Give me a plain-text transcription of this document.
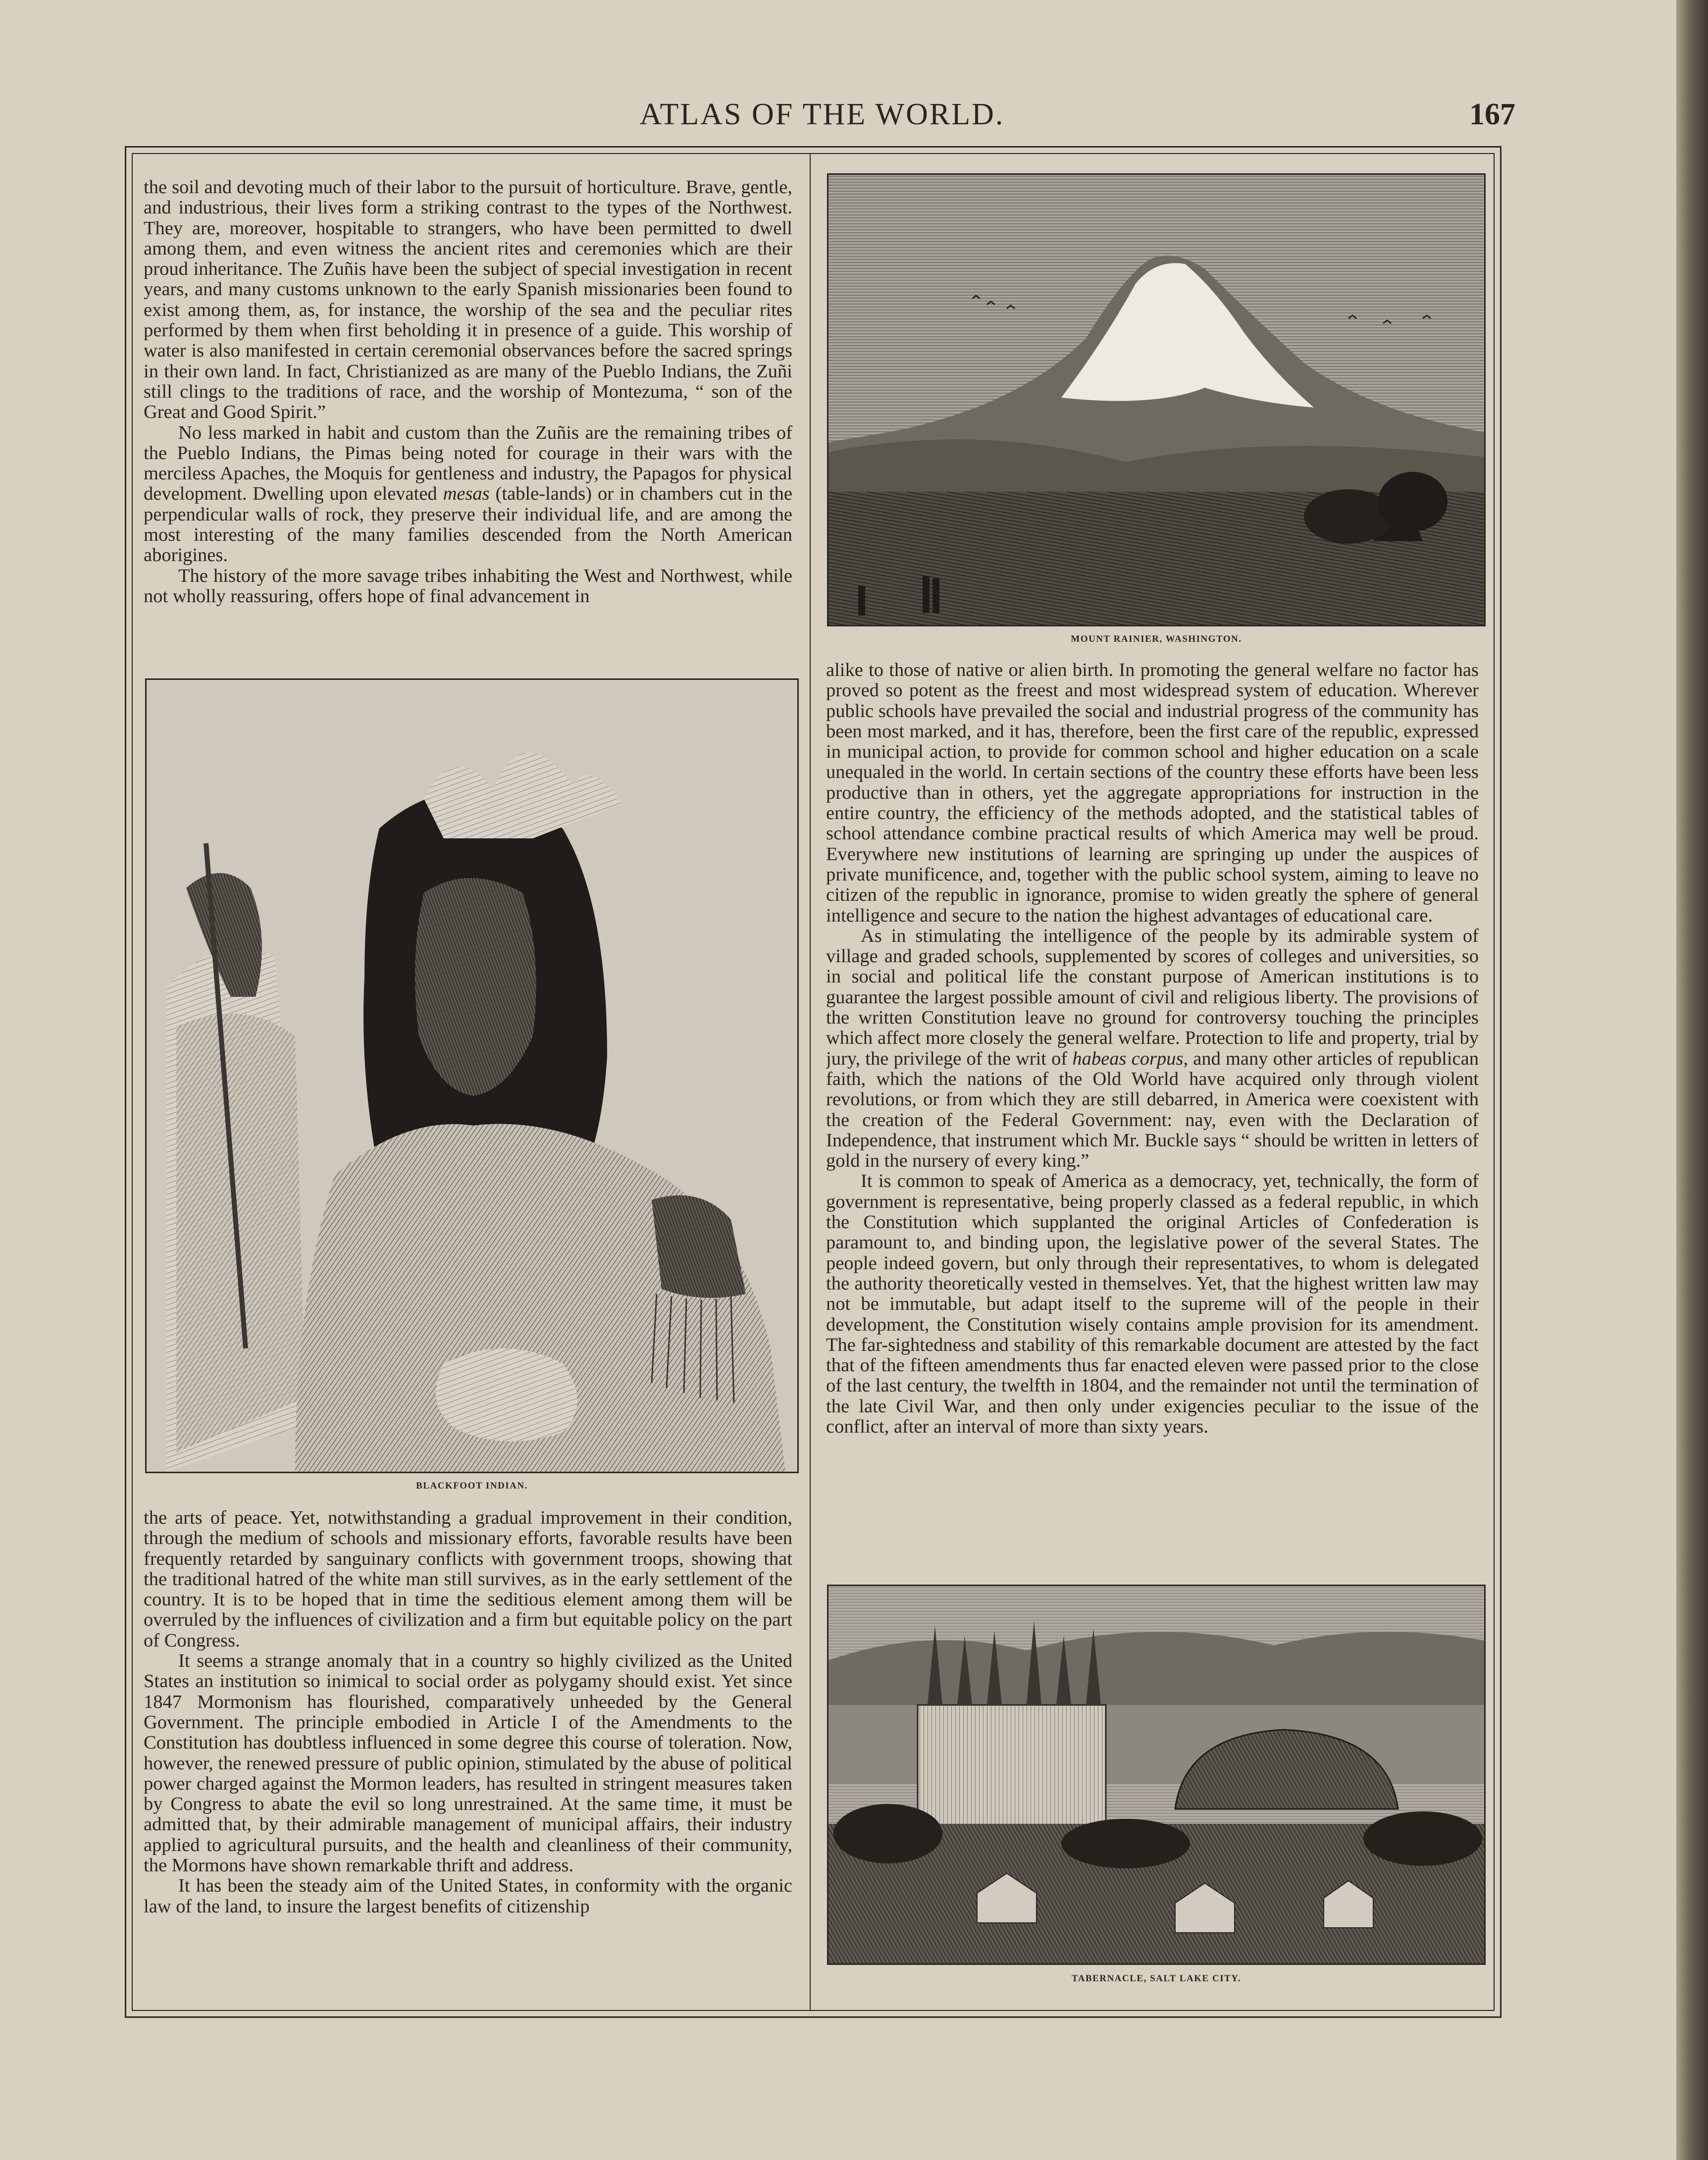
ATLAS OF THE WORLD.	167

the soil and devoting much of their labor to the pursuit of horticulture. Brave, gentle, and industrious, their lives form a striking contrast to the types of the Northwest. They are, moreover, hospitable to strangers, who have been permitted to dwell among them, and even witness the ancient rites and ceremonies which are their proud inheritance. The Zuñis have been the subject of special investigation in recent years, and many customs unknown to the early Spanish missionaries been found to exist among them, as, for instance, the worship of the sea and the peculiar rites performed by them when first beholding it in presence of a guide. This worship of water is also manifested in certain ceremonial observances before the sacred springs in their own land. In fact, Christianized as are many of the Pueblo Indians, the Zuñi still clings to the traditions of race, and the worship of Montezuma, “ son of the Great and Good Spirit.”

No less marked in habit and custom than the Zuñis are the remaining tribes of the Pueblo Indians, the Pimas being noted for courage in their wars with the merciless Apaches, the Moquis for gentleness and industry, the Papagos for physical development. Dwelling upon elevated mesas (table-lands) or in chambers cut in the perpendicular walls of rock, they preserve their individual life, and are among the most interesting of the many families descended from the North American aborigines.

The history of the more savage tribes inhabiting the West and Northwest, while not wholly reassuring, offers hope of final advancement in

BLACKFOOT INDIAN.

the arts of peace. Yet, notwithstanding a gradual improvement in their condition, through the medium of schools and missionary efforts, favorable results have been frequently retarded by sanguinary conflicts with government troops, showing that the traditional hatred of the white man still survives, as in the early settlement of the country. It is to be hoped that in time the seditious element among them will be overruled by the influences of civilization and a firm but equitable policy on the part of Congress.

It seems a strange anomaly that in a country so highly civilized as the United States an institution so inimical to social order as polygamy should exist. Yet since 1847 Mormonism has flourished, comparatively unheeded by the General Government. The principle embodied in Article I of the Amendments to the Constitution has doubtless influenced in some degree this course of toleration. Now, however, the renewed pressure of public opinion, stimulated by the abuse of political power charged against the Mormon leaders, has resulted in stringent measures taken by Congress to abate the evil so long unrestrained. At the same time, it must be admitted that, by their admirable management of municipal affairs, their industry applied to agricultural pursuits, and the health and cleanliness of their community, the Mormons have shown remarkable thrift and address.

It has been the steady aim of the United States, in conformity with the organic law of the land, to insure the largest benefits of citizenship

MOUNT RAINIER, WASHINGTON.

alike to those of native or alien birth. In promoting the general welfare no factor has proved so potent as the freest and most widespread system of education. Wherever public schools have prevailed the social and industrial progress of the community has been most marked, and it has, therefore, been the first care of the republic, expressed in municipal action, to provide for common school and higher education on a scale unequaled in the world. In certain sections of the country these efforts have been less productive than in others, yet the aggregate appropriations for instruction in the entire country, the efficiency of the methods adopted, and the statistical tables of school attendance combine practical results of which America may well be proud. Everywhere new institutions of learning are springing up under the auspices of private munificence, and, together with the public school system, aiming to leave no citizen of the republic in ignorance, promise to widen greatly the sphere of general intelligence and secure to the nation the highest advantages of educational care.

As in stimulating the intelligence of the people by its admirable system of village and graded schools, supplemented by scores of colleges and universities, so in social and political life the constant purpose of American institutions is to guarantee the largest possible amount of civil and religious liberty. The provisions of the written Constitution leave no ground for controversy touching the principles which affect more closely the general welfare. Protection to life and property, trial by jury, the privilege of the writ of habeas corpus, and many other articles of republican faith, which the nations of the Old World have acquired only through violent revolutions, or from which they are still debarred, in America were coexistent with the creation of the Federal Government: nay, even with the Declaration of Independence, that instrument which Mr. Buckle says “ should be written in letters of gold in the nursery of every king.”

It is common to speak of America as a democracy, yet, technically, the form of government is representative, being properly classed as a federal republic, in which the Constitution which supplanted the original Articles of Confederation is paramount to, and binding upon, the legislative power of the several States. The people indeed govern, but only through their representatives, to whom is delegated the authority theoretically vested in themselves. Yet, that the highest written law may not be immutable, but adapt itself to the supreme will of the people in their development, the Constitution wisely contains ample provision for its amendment. The far-sightedness and stability of this remarkable document are attested by the fact that of the fifteen amendments thus far enacted eleven were passed prior to the close of the last century, the twelfth in 1804, and the remainder not until the termination of the late Civil War, and then only under exigencies peculiar to the issue of the conflict, after an interval of more than sixty years.

TABERNACLE, SALT LAKE CITY.
